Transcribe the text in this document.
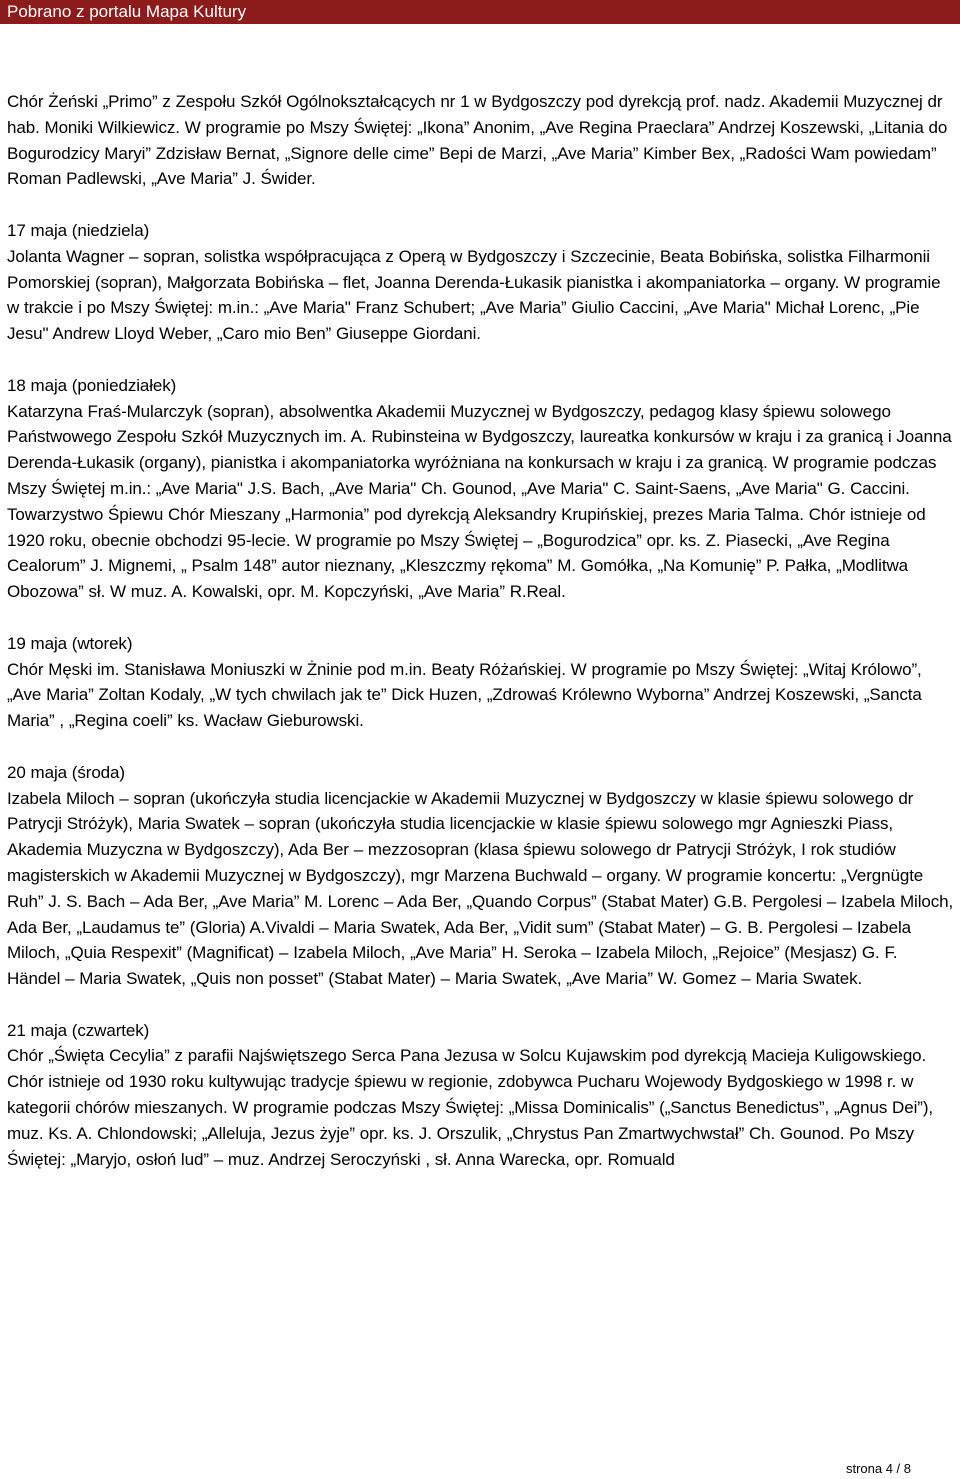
Pobrano z portalu Mapa Kultury

Chór Żeński „Primo” z Zespołu Szkół Ogólnokształcących nr 1 w Bydgoszczy pod dyrekcją prof. nadz. Akademii Muzycznej dr hab. Moniki Wilkiewicz. W programie po Mszy Świętej: „Ikona” Anonim, „Ave Regina Praeclara” Andrzej Koszewski, „Litania do Bogurodzicy Maryi” Zdzisław Bernat, „Signore delle cime” Bepi de Marzi, „Ave Maria” Kimber Bex, „Radości Wam powiedam” Roman Padlewski, „Ave Maria” J. Świder.

17 maja (niedziela)

Jolanta Wagner – sopran, solistka współpracująca z Operą w Bydgoszczy i Szczecinie, Beata Bobińska, solistka Filharmonii Pomorskiej (sopran), Małgorzata Bobińska – flet, Joanna Derenda-Łukasik pianistka i akompaniatorka – organy. W programie w trakcie i po Mszy Świętej: m.in.: „Ave Maria" Franz Schubert; „Ave Maria” Giulio Caccini, „Ave Maria" Michał Lorenc, „Pie Jesu" Andrew Lloyd Weber, „Caro mio Ben” Giuseppe Giordani.

18 maja (poniedziałek)

Katarzyna Fraś-Mularczyk (sopran), absolwentka Akademii Muzycznej w Bydgoszczy, pedagog klasy śpiewu solowego Państwowego Zespołu Szkół Muzycznych im. A. Rubinsteina w Bydgoszczy, laureatka konkursów w kraju i za granicą i Joanna Derenda-Łukasik (organy), pianistka i akompaniatorka wyróżniana na konkursach w kraju i za granicą. W programie podczas Mszy Świętej m.in.: „Ave Maria" J.S. Bach, „Ave Maria" Ch. Gounod, „Ave Maria" C. Saint-Saens, „Ave Maria" G. Caccini.

Towarzystwo Śpiewu Chór Mieszany „Harmonia” pod dyrekcją Aleksandry Krupińskiej, prezes Maria Talma. Chór istnieje od 1920 roku, obecnie obchodzi 95-lecie. W programie po Mszy Świętej – „Bogurodzica” opr. ks. Z. Piasecki, „Ave Regina Cealorum” J. Mignemi, „ Psalm 148” autor nieznany, „Kleszczmy rękoma” M. Gomółka, „Na Komunię” P. Pałka, „Modlitwa Obozowa” sł. W muz. A. Kowalski, opr. M. Kopczyński, „Ave Maria” R.Real.

19 maja (wtorek)

Chór Męski im. Stanisława Moniuszki w Żninie pod m.in. Beaty Różańskiej. W programie po Mszy Świętej: „Witaj Królowo”, „Ave Maria” Zoltan Kodaly, „W tych chwilach jak te” Dick Huzen, „Zdrowaś Królewno Wyborna” Andrzej Koszewski, „Sancta Maria” , „Regina coeli” ks. Wacław Gieburowski.

20 maja (środa)

Izabela Miloch – sopran (ukończyła studia licencjackie w Akademii Muzycznej w Bydgoszczy w klasie śpiewu solowego dr Patrycji Stróżyk), Maria Swatek – sopran (ukończyła studia licencjackie w klasie śpiewu solowego mgr Agnieszki Piass, Akademia Muzyczna w Bydgoszczy), Ada Ber – mezzosopran (klasa śpiewu solowego dr Patrycji Stróżyk, I rok studiów magisterskich w Akademii Muzycznej w Bydgoszczy), mgr Marzena Buchwald – organy. W programie koncertu: „Vergnügte Ruh” J. S. Bach – Ada Ber, „Ave Maria” M. Lorenc – Ada Ber, „Quando Corpus” (Stabat Mater) G.B. Pergolesi – Izabela Miloch, Ada Ber, „Laudamus te” (Gloria) A.Vivaldi – Maria Swatek, Ada Ber, „Vidit sum” (Stabat Mater) – G. B. Pergolesi – Izabela Miloch, „Quia Respexit” (Magnificat) – Izabela Miloch, „Ave Maria” H. Seroka – Izabela Miloch, „Rejoice” (Mesjasz) G. F. Händel – Maria Swatek, „Quis non posset” (Stabat Mater) – Maria Swatek, „Ave Maria” W. Gomez – Maria Swatek.

21 maja (czwartek)

Chór „Święta Cecylia” z parafii Najświętszego Serca Pana Jezusa w Solcu Kujawskim pod dyrekcją Macieja Kuligowskiego. Chór istnieje od 1930 roku kultywując tradycje śpiewu w regionie, zdobywca Pucharu Wojewody Bydgoskiego w 1998 r. w kategorii chórów mieszanych. W programie podczas Mszy Świętej: „Missa Dominicalis” („Sanctus Benedictus”, „Agnus Dei”), muz. Ks. A. Chlondowski; „Alleluja, Jezus żyje” opr. ks. J. Orszulik, „Chrystus Pan Zmartwychwstał” Ch. Gounod. Po Mszy Świętej: „Maryjo, osłoń lud” – muz. Andrzej Seroczyński , sł. Anna Warecka, opr. Romuald

strona 4 / 8
